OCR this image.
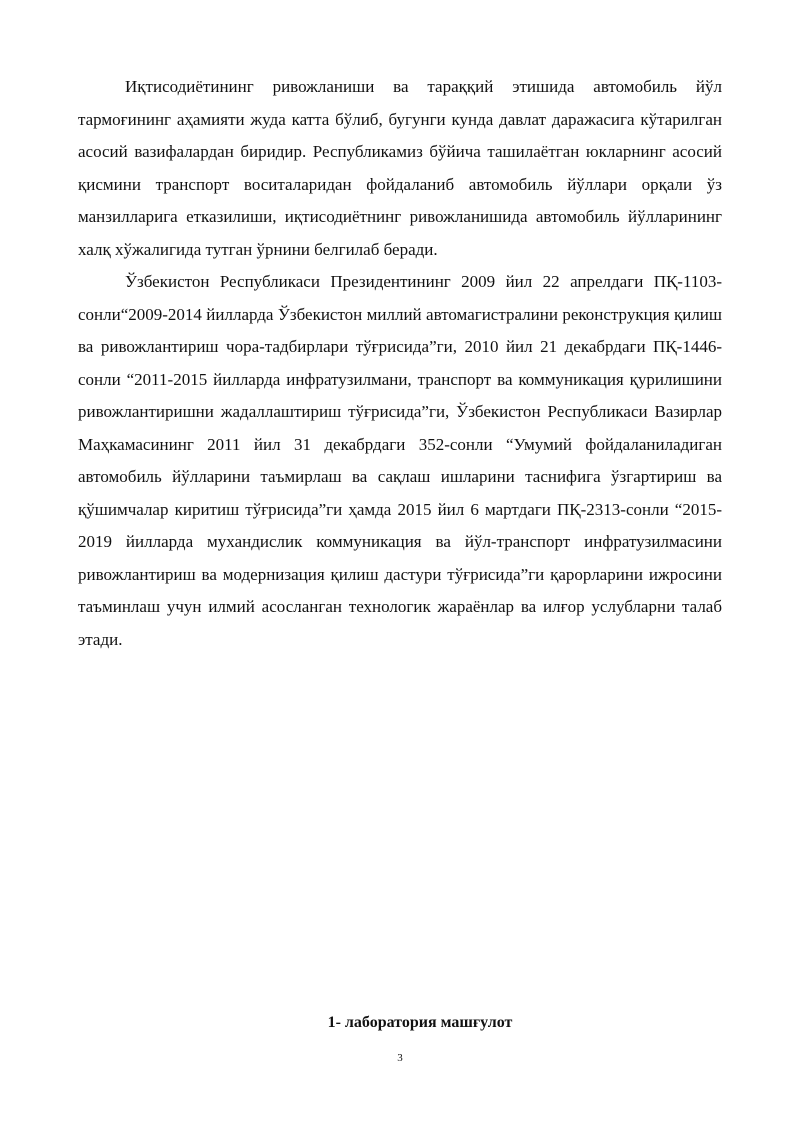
Иқтисодиётининг ривожланиши ва тараққий этишида автомобиль йўл тармоғининг аҳамияти жуда катта бўлиб, бугунги кунда давлат даражасига кўтарилган асосий вазифалардан биридир. Республикамиз бўйича ташилаётган юкларнинг асосий қисмини транспорт воситаларидан фойдаланиб автомобиль йўллари орқали ўз манзилларига етказилиши, иқтисодиётнинг ривожланишида автомобиль йўлларининг халқ хўжалигида тутган ўрнини белгилаб беради.

Ўзбекистон Республикаси Президентининг 2009 йил 22 апрелдаги ПҚ-1103-сонли“2009-2014 йилларда Ўзбекистон миллий автомагистралини реконструкция қилиш ва ривожлантириш чора-тадбирлари тўғрисида”ги, 2010 йил 21 декабрдаги ПҚ-1446-сонли “2011-2015 йилларда инфратузилмани, транспорт ва коммуникация қурилишини ривожлантиришни жадаллаштириш тўғрисида”ги, Ўзбекистон Республикаси Вазирлар Маҳкамасининг 2011 йил 31 декабрдаги 352-сонли “Умумий фойдаланиладиган автомобиль йўлларини таъмирлаш ва сақлаш ишларини таснифига ўзгартириш ва қўшимчалар киритиш тўғрисида”ги ҳамда 2015 йил 6 мартдаги ПҚ-2313-сонли “2015-2019 йилларда мухандислик коммуникация ва йўл-транспорт инфратузилмасини ривожлантириш ва модернизация қилиш дастури тўғрисида”ги қарорларини ижросини таъминлаш учун илмий асосланган технологик жараёнлар ва илғор услубларни талаб этади.

1- лаборатория машғулот
3
